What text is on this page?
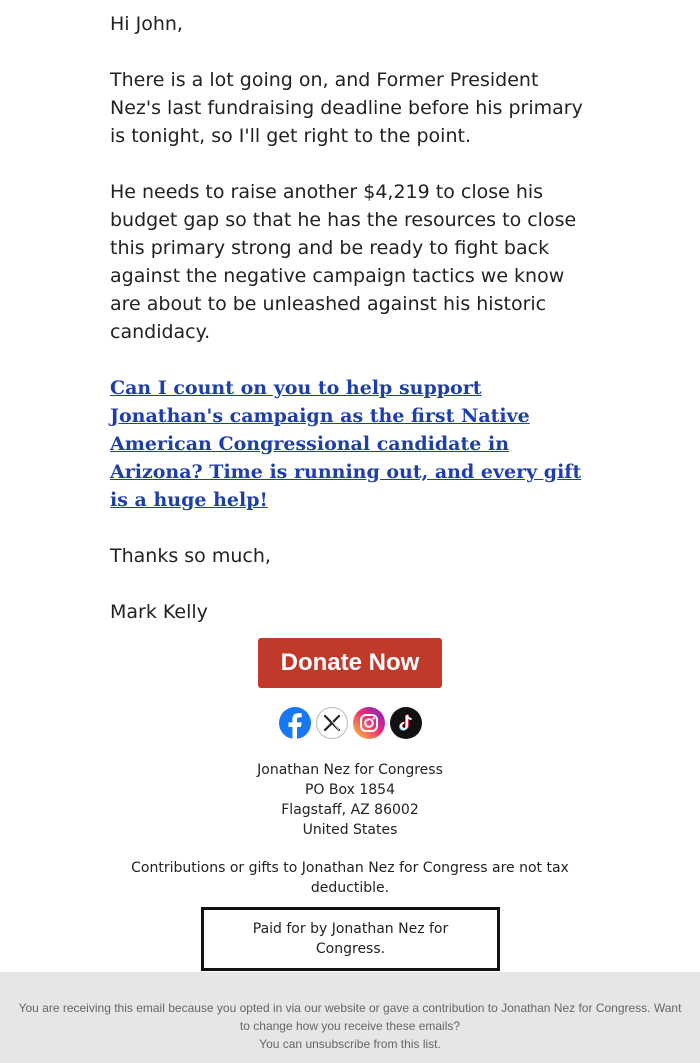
Hi John,

There is a lot going on, and Former President Nez's last fundraising deadline before his primary is tonight, so I'll get right to the point.

He needs to raise another $4,219 to close his budget gap so that he has the resources to close this primary strong and be ready to fight back against the negative campaign tactics we know are about to be unleashed against his historic candidacy.

Can I count on you to help support Jonathan's campaign as the first Native American Congressional candidate in Arizona? Time is running out, and every gift is a huge help!

Thanks so much,

Mark Kelly

Donate Now
Jonathan Nez for Congress
PO Box 1854
Flagstaff, AZ 86002
United States
Contributions or gifts to Jonathan Nez for Congress are not tax deductible.
Paid for by Jonathan Nez for Congress.
You are receiving this email because you opted in via our website or gave a contribution to Jonathan Nez for Congress. Want to change how you receive these emails?
You can unsubscribe from this list.
